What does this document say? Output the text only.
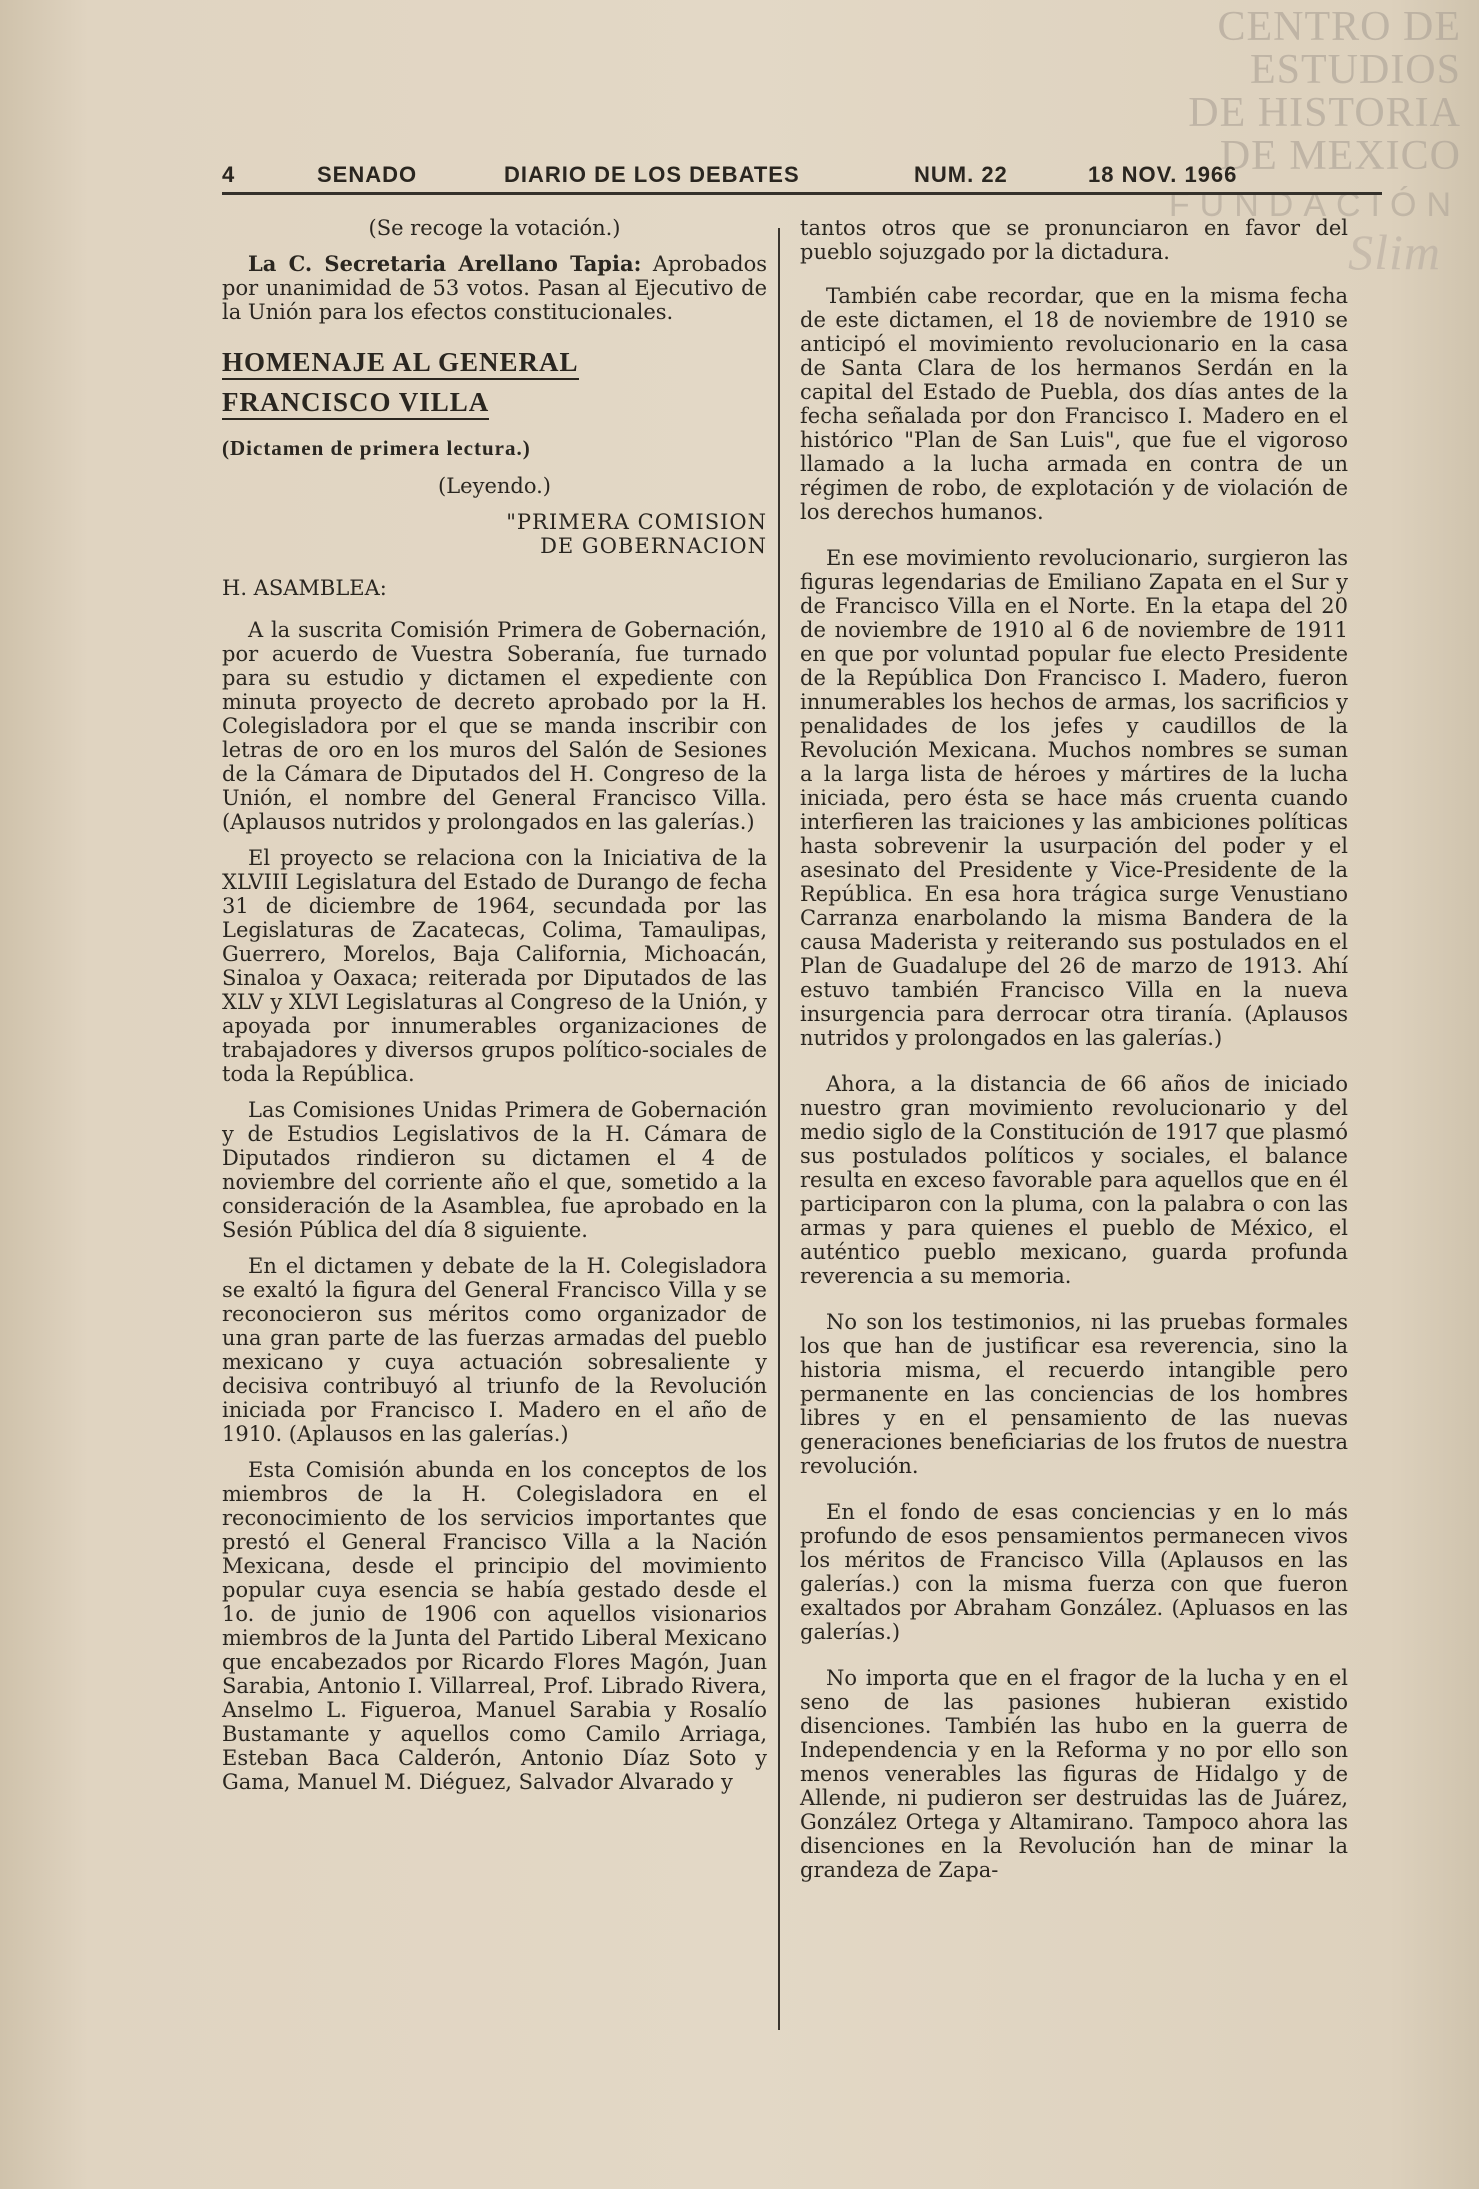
CENTRO DE
ESTUDIOS
DE HISTORIA
DE MEXICO
FUNDACIÓN
Slim
4	SENADO	DIARIO DE LOS DEBATES	NUM. 22	18 NOV. 1966

(Se recoge la votación.)

La C. Secretaria Arellano Tapia: Aprobados por unanimidad de 53 votos. Pasan al Ejecutivo de la Unión para los efectos constitucionales.

HOMENAJE AL GENERAL
FRANCISCO VILLA
(Dictamen de primera lectura.)

(Leyendo.)

"PRIMERA COMISION

DE GOBERNACION

H. ASAMBLEA:

A la suscrita Comisión Primera de Gobernación, por acuerdo de Vuestra Soberanía, fue turnado para su estudio y dictamen el expediente con minuta proyecto de decreto aprobado por la H. Colegisladora por el que se manda inscribir con letras de oro en los muros del Salón de Sesiones de la Cámara de Diputados del H. Congreso de la Unión, el nombre del General Francisco Villa. (Aplausos nutridos y prolongados en las galerías.)

El proyecto se relaciona con la Iniciativa de la XLVIII Legislatura del Estado de Durango de fecha 31 de diciembre de 1964, secundada por las Legislaturas de Zacatecas, Colima, Tamaulipas, Guerrero, Morelos, Baja California, Michoacán, Sinaloa y Oaxaca; reiterada por Diputados de las XLV y XLVI Legislaturas al Congreso de la Unión, y apoyada por innumerables organizaciones de trabajadores y diversos grupos político-sociales de toda la República.

Las Comisiones Unidas Primera de Gobernación y de Estudios Legislativos de la H. Cámara de Diputados rindieron su dictamen el 4 de noviembre del corriente año el que, sometido a la consideración de la Asamblea, fue aprobado en la Sesión Pública del día 8 siguiente.

En el dictamen y debate de la H. Colegisladora se exaltó la figura del General Francisco Villa y se reconocieron sus méritos como organizador de una gran parte de las fuerzas armadas del pueblo mexicano y cuya actuación sobresaliente y decisiva contribuyó al triunfo de la Revolución iniciada por Francisco I. Madero en el año de 1910. (Aplausos en las galerías.)

Esta Comisión abunda en los conceptos de los miembros de la H. Colegisladora en el reconocimiento de los servicios importantes que prestó el General Francisco Villa a la Nación Mexicana, desde el principio del movimiento popular cuya esencia se había gestado desde el 1o. de junio de 1906 con aquellos visionarios miembros de la Junta del Partido Liberal Mexicano que encabezados por Ricardo Flores Magón, Juan Sarabia, Antonio I. Villarreal, Prof. Librado Rivera, Anselmo L. Figueroa, Manuel Sarabia y Rosalío Bustamante y aquellos como Camilo Arriaga, Esteban Baca Calderón, Antonio Díaz Soto y Gama, Manuel M. Diéguez, Salvador Alvarado y

tantos otros que se pronunciaron en favor del pueblo sojuzgado por la dictadura.

También cabe recordar, que en la misma fecha de este dictamen, el 18 de noviembre de 1910 se anticipó el movimiento revolucionario en la casa de Santa Clara de los hermanos Serdán en la capital del Estado de Puebla, dos días antes de la fecha señalada por don Francisco I. Madero en el histórico "Plan de San Luis", que fue el vigoroso llamado a la lucha armada en contra de un régimen de robo, de explotación y de violación de los derechos humanos.

En ese movimiento revolucionario, surgieron las figuras legendarias de Emiliano Zapata en el Sur y de Francisco Villa en el Norte. En la etapa del 20 de noviembre de 1910 al 6 de noviembre de 1911 en que por voluntad popular fue electo Presidente de la República Don Francisco I. Madero, fueron innumerables los hechos de armas, los sacrificios y penalidades de los jefes y caudillos de la Revolución Mexicana. Muchos nombres se suman a la larga lista de héroes y mártires de la lucha iniciada, pero ésta se hace más cruenta cuando interfieren las traiciones y las ambiciones políticas hasta sobrevenir la usurpación del poder y el asesinato del Presidente y Vice-Presidente de la República. En esa hora trágica surge Venustiano Carranza enarbolando la misma Bandera de la causa Maderista y reiterando sus postulados en el Plan de Guadalupe del 26 de marzo de 1913. Ahí estuvo también Francisco Villa en la nueva insurgencia para derrocar otra tiranía. (Aplausos nutridos y prolongados en las galerías.)

Ahora, a la distancia de 66 años de iniciado nuestro gran movimiento revolucionario y del medio siglo de la Constitución de 1917 que plasmó sus postulados políticos y sociales, el balance resulta en exceso favorable para aquellos que en él participaron con la pluma, con la palabra o con las armas y para quienes el pueblo de México, el auténtico pueblo mexicano, guarda profunda reverencia a su memoria.

No son los testimonios, ni las pruebas formales los que han de justificar esa reverencia, sino la historia misma, el recuerdo intangible pero permanente en las conciencias de los hombres libres y en el pensamiento de las nuevas generaciones beneficiarias de los frutos de nuestra revolución.

En el fondo de esas conciencias y en lo más profundo de esos pensamientos permanecen vivos los méritos de Francisco Villa (Aplausos en las galerías.) con la misma fuerza con que fueron exaltados por Abraham González. (Apluasos en las galerías.)

No importa que en el fragor de la lucha y en el seno de las pasiones hubieran existido disenciones. También las hubo en la guerra de Independencia y en la Reforma y no por ello son menos venerables las figuras de Hidalgo y de Allende, ni pudieron ser destruidas las de Juárez, González Ortega y Altamirano. Tampoco ahora las disenciones en la Revolución han de minar la grandeza de Zapa-
